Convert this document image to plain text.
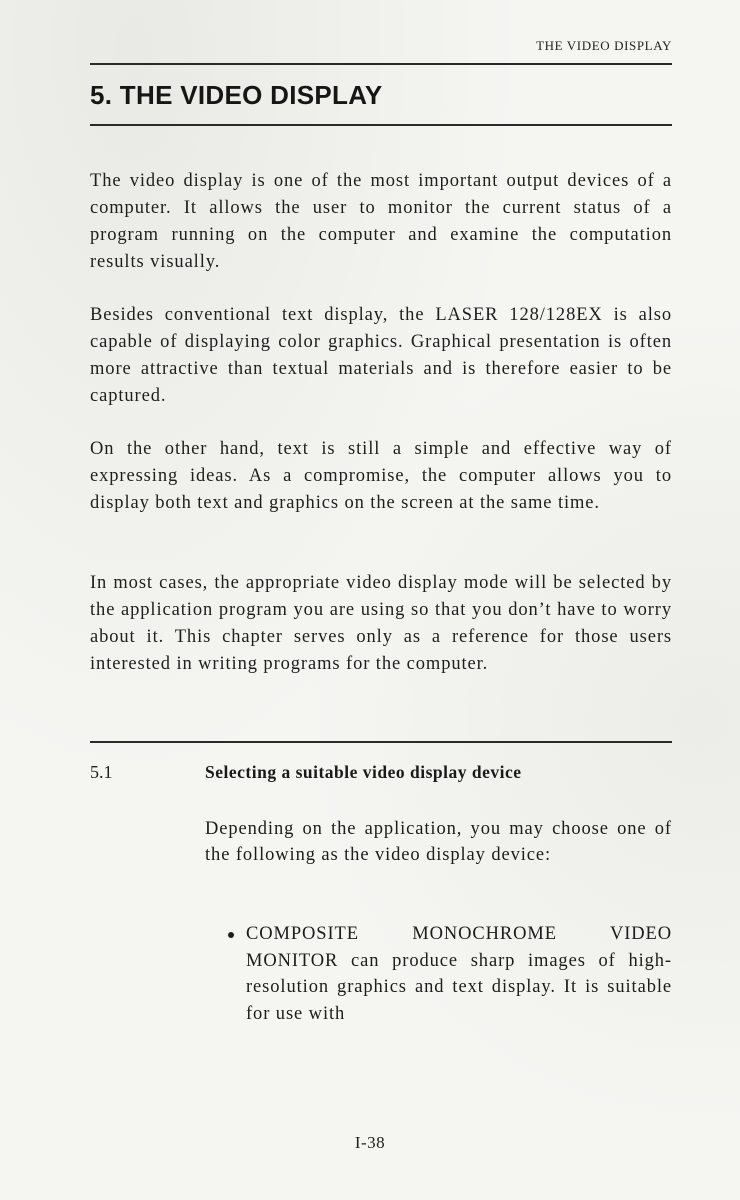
THE VIDEO DISPLAY
5. THE VIDEO DISPLAY

The video display is one of the most important output devices of a computer. It allows the user to monitor the current status of a program running on the computer and examine the computation results visually.

Besides conventional text display, the LASER 128/128EX is also capable of displaying color graphics. Graphical presentation is often more attractive than textual materials and is therefore easier to be captured.

On the other hand, text is still a simple and effective way of expressing ideas. As a compromise, the computer allows you to display both text and graphics on the screen at the same time.

In most cases, the appropriate video display mode will be selected by the application program you are using so that you don’t have to worry about it. This chapter serves only as a reference for those users interested in writing programs for the computer.

5.1	Selecting a suitable video display device

Depending on the application, you may choose one of the following as the video display device:

COMPOSITE MONOCHROME VIDEO MONITOR can produce sharp images of high-resolution graphics and text display. It is suitable for use with
I-38
